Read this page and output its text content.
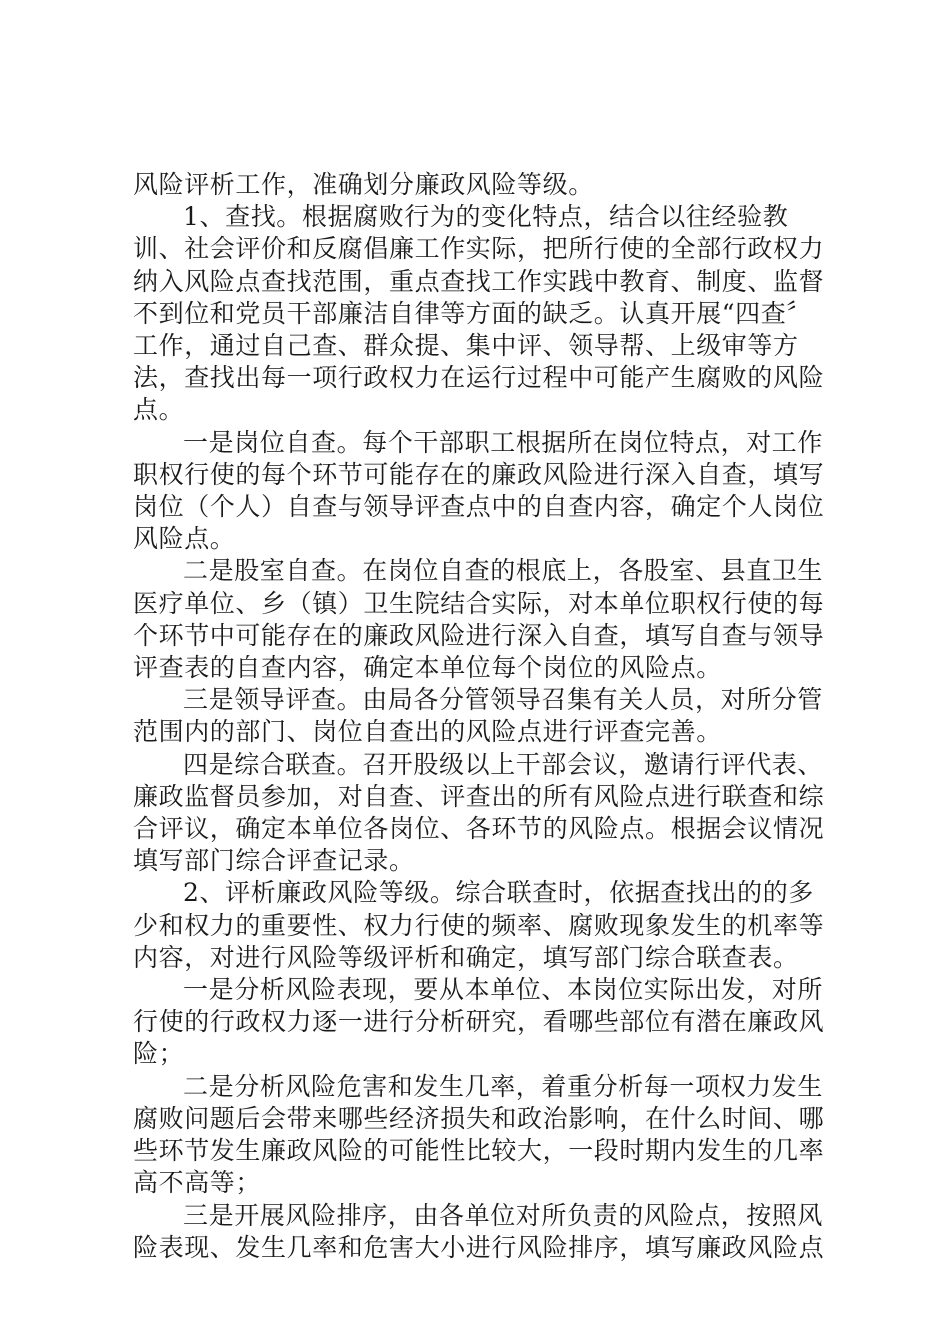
风险评析工作，准确划分廉政风险等级。

1、查找。根据腐败行为的变化特点，结合以往经验教训、社会评价和反腐倡廉工作实际，把所行使的全部行政权力纳入风险点查找范围，重点查找工作实践中教育、制度、监督不到位和党员干部廉洁自律等方面的缺乏。认真开展“四查〞工作，通过自己查、群众提、集中评、领导帮、上级审等方法，查找出每一项行政权力在运行过程中可能产生腐败的风险点。

一是岗位自查。每个干部职工根据所在岗位特点，对工作职权行使的每个环节可能存在的廉政风险进行深入自查，填写岗位（个人）自查与领导评查点中的自查内容，确定个人岗位风险点。

二是股室自查。在岗位自查的根底上，各股室、县直卫生医疗单位、乡（镇）卫生院结合实际，对本单位职权行使的每个环节中可能存在的廉政风险进行深入自查，填写自查与领导评查表的自查内容，确定本单位每个岗位的风险点。

三是领导评查。由局各分管领导召集有关人员，对所分管范围内的部门、岗位自查出的风险点进行评查完善。

四是综合联查。召开股级以上干部会议，邀请行评代表、廉政监督员参加，对自查、评查出的所有风险点进行联查和综合评议，确定本单位各岗位、各环节的风险点。根据会议情况填写部门综合评查记录。

2、评析廉政风险等级。综合联查时，依据查找出的的多少和权力的重要性、权力行使的频率、腐败现象发生的机率等内容，对进行风险等级评析和确定，填写部门综合联查表。

一是分析风险表现，要从本单位、本岗位实际出发，对所行使的行政权力逐一进行分析研究，看哪些部位有潜在廉政风险；

二是分析风险危害和发生几率，着重分析每一项权力发生腐败问题后会带来哪些经济损失和政治影响，在什么时间、哪些环节发生廉政风险的可能性比较大，一段时期内发生的几率高不高等；

三是开展风险排序，由各单位对所负责的风险点，按照风险表现、发生几率和危害大小进行风险排序，填写廉政风险点
